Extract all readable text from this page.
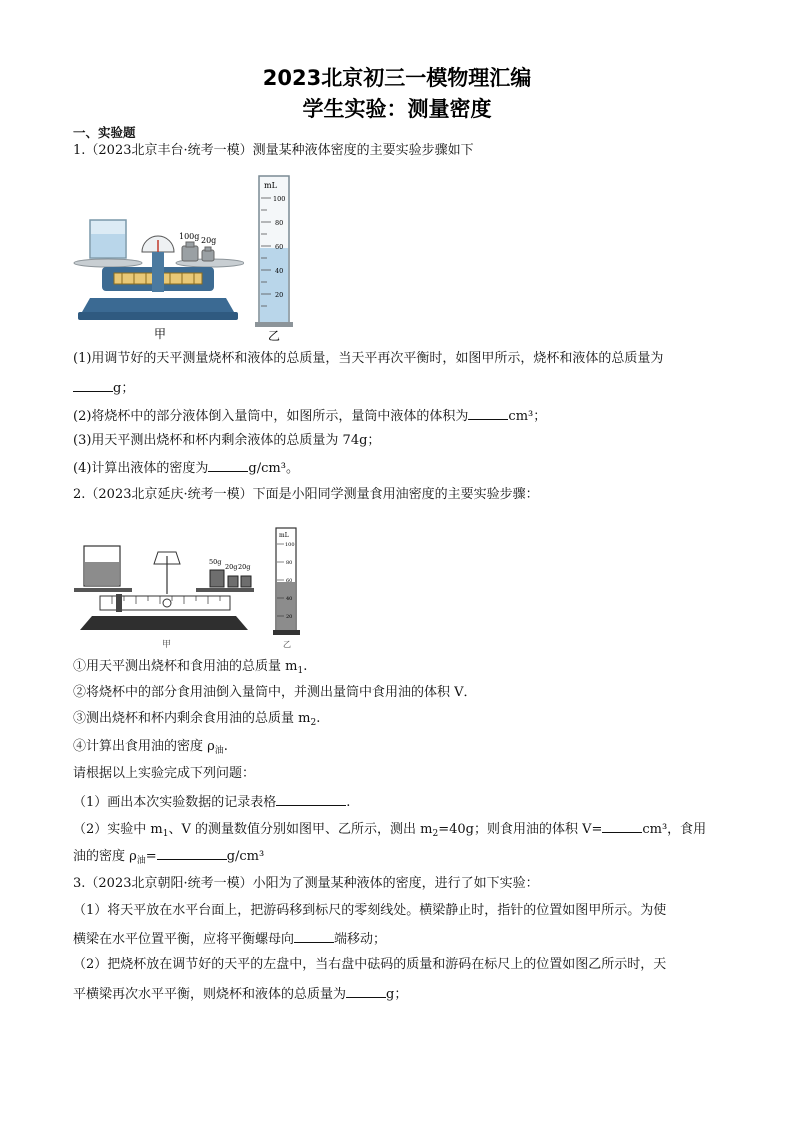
2023北京初三一模物理汇编
学生实验：测量密度
一、实验题
1.（2023北京丰台·统考一模）测量某种液体密度的主要实验步骤如下
100g 20g
甲
mL
100
80
60
40
20
乙
(1)用调节好的天平测量烧杯和液体的总质量，当天平再次平衡时，如图甲所示，烧杯和液体的总质量为
g；
(2)将烧杯中的部分液体倒入量筒中，如图所示，量筒中液体的体积为	cm³；
(3)用天平测出烧杯和杯内剩余液体的总质量为 74g；
(4)计算出液体的密度为	g/cm³。
2.（2023北京延庆·统考一模）下面是小阳同学测量食用油密度的主要实验步骤：
50g
20g 20g
甲
mL
100
80
60
40
20
乙
①用天平测出烧杯和食用油的总质量 $m_1$.
②将烧杯中的部分食用油倒入量筒中，并测出量筒中食用油的体积 V．
③测出烧杯和杯内剩余食用油的总质量 $m_2$.
④计算出食用油的密度 $\rho_油$.
请根据以上实验完成下列问题：
（1）画出本次实验数据的记录表格	.
（2）实验中 $m_1$、V 的测量数值分别如图甲、乙所示，测出 $m_2=40g$；则食用油的体积 V=	cm³，食用
油的密度 $\rho_油=$	g/cm³
3.（2023北京朝阳·统考一模）小阳为了测量某种液体的密度，进行了如下实验：
（1）将天平放在水平台面上，把游码移到标尺的零刻线处。横梁静止时，指针的位置如图甲所示。为使
横梁在水平位置平衡，应将平衡螺母向	端移动；
（2）把烧杯放在调节好的天平的左盘中，当右盘中砝码的质量和游码在标尺上的位置如图乙所示时，天
平横梁再次水平平衡，则烧杯和液体的总质量为	g；
